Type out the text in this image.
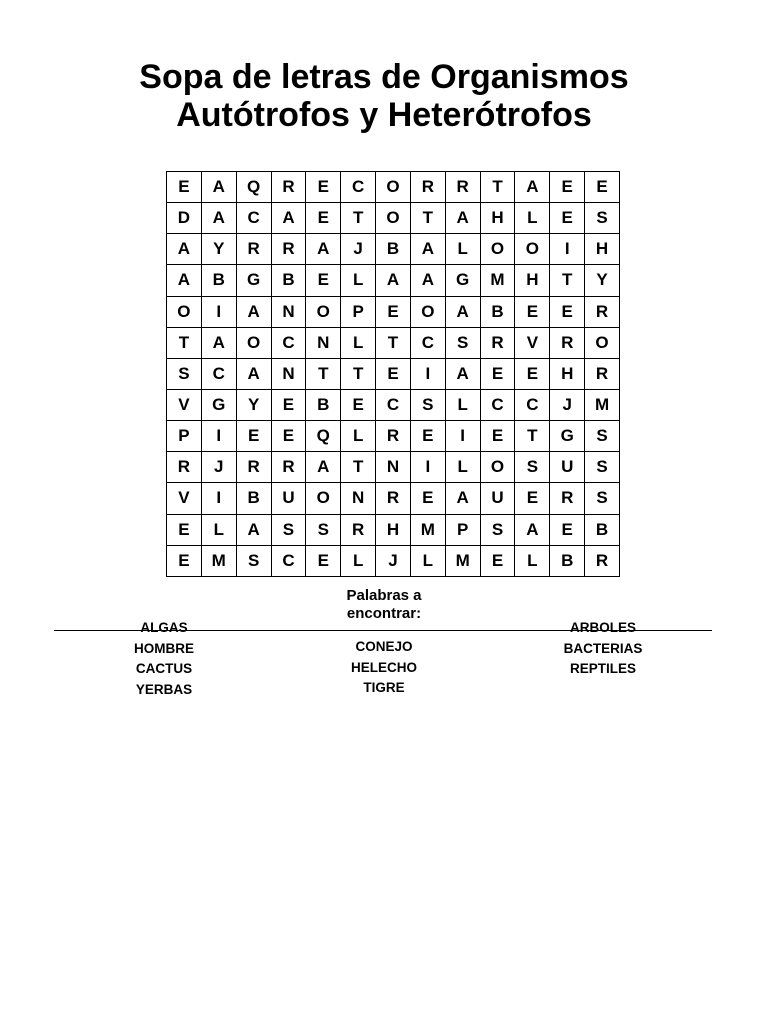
Sopa de letras de Organismos
Autótrofos y Heterótrofos
E	A	Q	R	E	C	O	R	R	T	A	E	E
D	A	C	A	E	T	O	T	A	H	L	E	S
A	Y	R	R	A	J	B	A	L	O	O	I	H
A	B	G	B	E	L	A	A	G	M	H	T	Y
O	I	A	N	O	P	E	O	A	B	E	E	R
T	A	O	C	N	L	T	C	S	R	V	R	O
S	C	A	N	T	T	E	I	A	E	E	H	R
V	G	Y	E	B	E	C	S	L	C	C	J	M
P	I	E	E	Q	L	R	E	I	E	T	G	S
R	J	R	R	A	T	N	I	L	O	S	U	S
V	I	B	U	O	N	R	E	A	U	E	R	S
E	L	A	S	S	R	H	M	P	S	A	E	B
E	M	S	C	E	L	J	L	M	E	L	B	R
Palabras a
encontrar:
ALGAS
HOMBRE
CACTUS
YERBAS
CONEJO
HELECHO
TIGRE
ARBOLES
BACTERIAS
REPTILES
